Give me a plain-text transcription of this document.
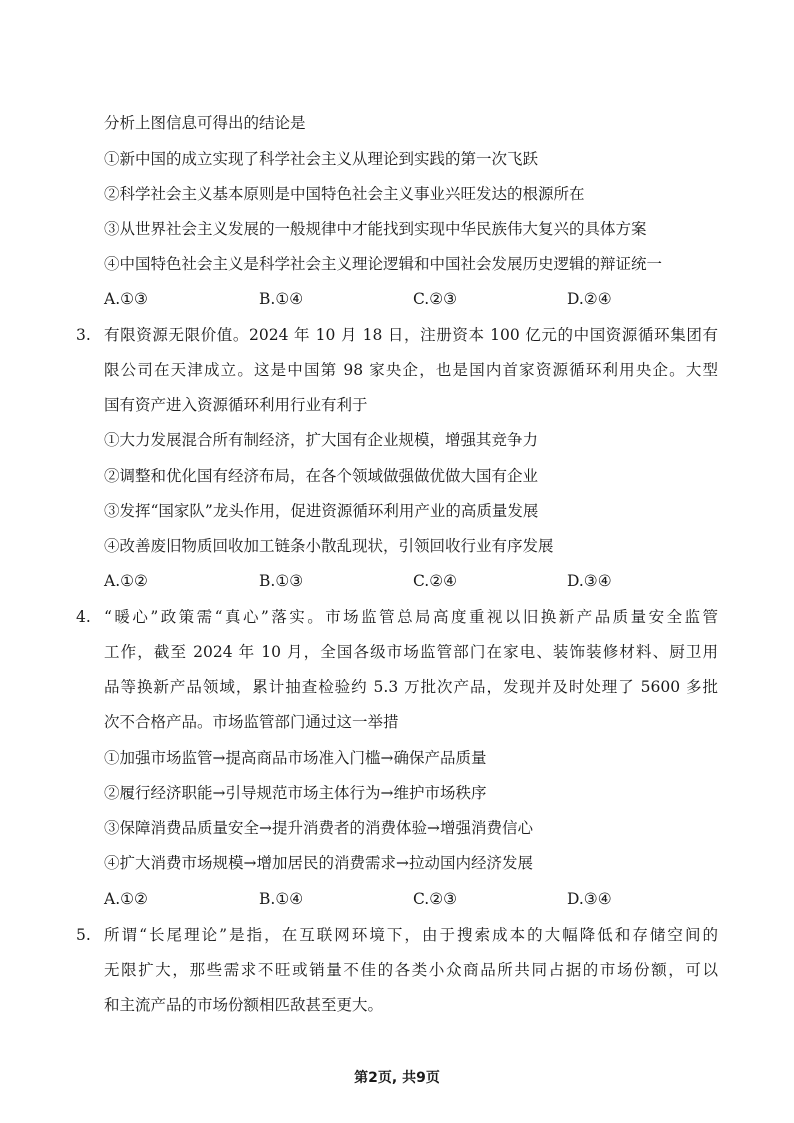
分析上图信息可得出的结论是
①新中国的成立实现了科学社会主义从理论到实践的第一次飞跃
②科学社会主义基本原则是中国特色社会主义事业兴旺发达的根源所在
③从世界社会主义发展的一般规律中才能找到实现中华民族伟大复兴的具体方案
④中国特色社会主义是科学社会主义理论逻辑和中国社会发展历史逻辑的辩证统一
A.①③	B.①④	C.②③	D.②④
3. 有限资源无限价值。2024 年 10 月 18 日，注册资本 100 亿元的中国资源循环集团有
限公司在天津成立。这是中国第 98 家央企，也是国内首家资源循环利用央企。大型
国有资产进入资源循环利用行业有利于
①大力发展混合所有制经济，扩大国有企业规模，增强其竞争力
②调整和优化国有经济布局，在各个领域做强做优做大国有企业
③发挥“国家队”龙头作用，促进资源循环利用产业的高质量发展
④改善废旧物质回收加工链条小散乱现状，引领回收行业有序发展
A.①②	B.①③	C.②④	D.③④
4. “暖心”政策需“真心”落实。市场监管总局高度重视以旧换新产品质量安全监管
工作，截至 2024 年 10 月，全国各级市场监管部门在家电、装饰装修材料、厨卫用
品等换新产品领域，累计抽查检验约 5.3 万批次产品，发现并及时处理了 5600 多批
次不合格产品。市场监管部门通过这一举措
①加强市场监管→提高商品市场准入门槛→确保产品质量
②履行经济职能→引导规范市场主体行为→维护市场秩序
③保障消费品质量安全→提升消费者的消费体验→增强消费信心
④扩大消费市场规模→增加居民的消费需求→拉动国内经济发展
A.①②	B.①④	C.②③	D.③④
5. 所谓“长尾理论”是指，在互联网环境下，由于搜索成本的大幅降低和存储空间的
无限扩大，那些需求不旺或销量不佳的各类小众商品所共同占据的市场份额，可以
和主流产品的市场份额相匹敌甚至更大。
第2页, 共9页
